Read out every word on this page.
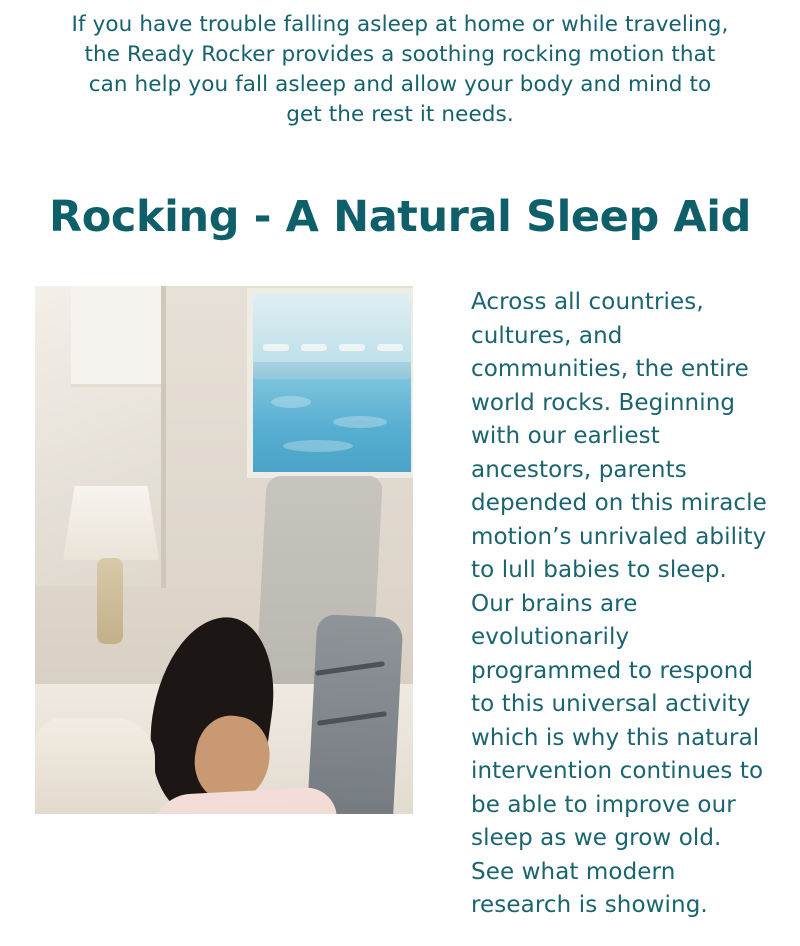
If you have trouble falling asleep at home or while traveling, the Ready Rocker provides a soothing rocking motion that can help you fall asleep and allow your body and mind to get the rest it needs.

Rocking - A Natural Sleep Aid

Across all countries, cultures, and communities, the entire world rocks. Beginning with our earliest ancestors, parents depended on this miracle motion’s unrivaled ability to lull babies to sleep. Our brains are evolutionarily programmed to respond to this universal activity which is why this natural intervention continues to be able to improve our sleep as we grow old. See what modern research is showing.
